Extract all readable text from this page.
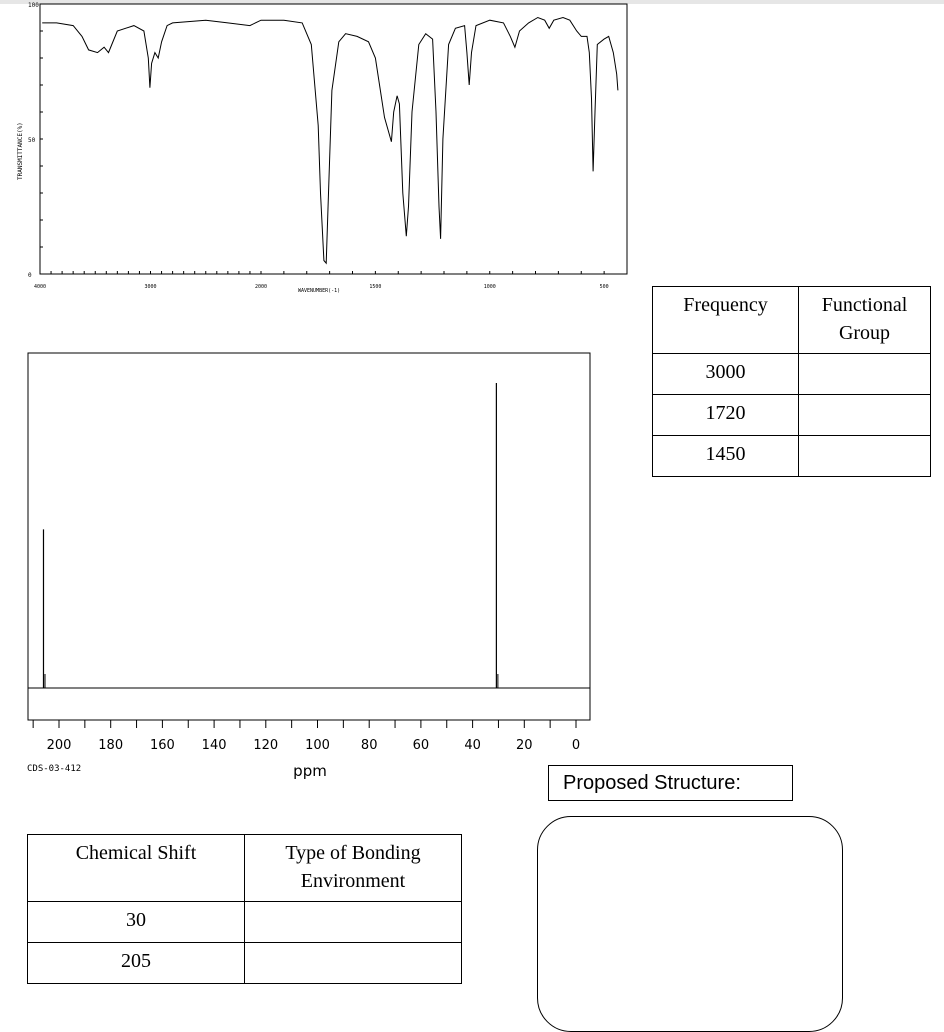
TRANSMITTANCE(%)
100
50
0
4000	3000	2000	1500	1000	500
WAVENUMBER(-1)
200 180 160 140 120 100 80	60	40	20	0
ppm
CDS-03-412
Frequency	Functional Group
3000	
1720	
1450	
Chemical Shift	Type of Bonding Environment
30	
205	
Proposed Structure:
